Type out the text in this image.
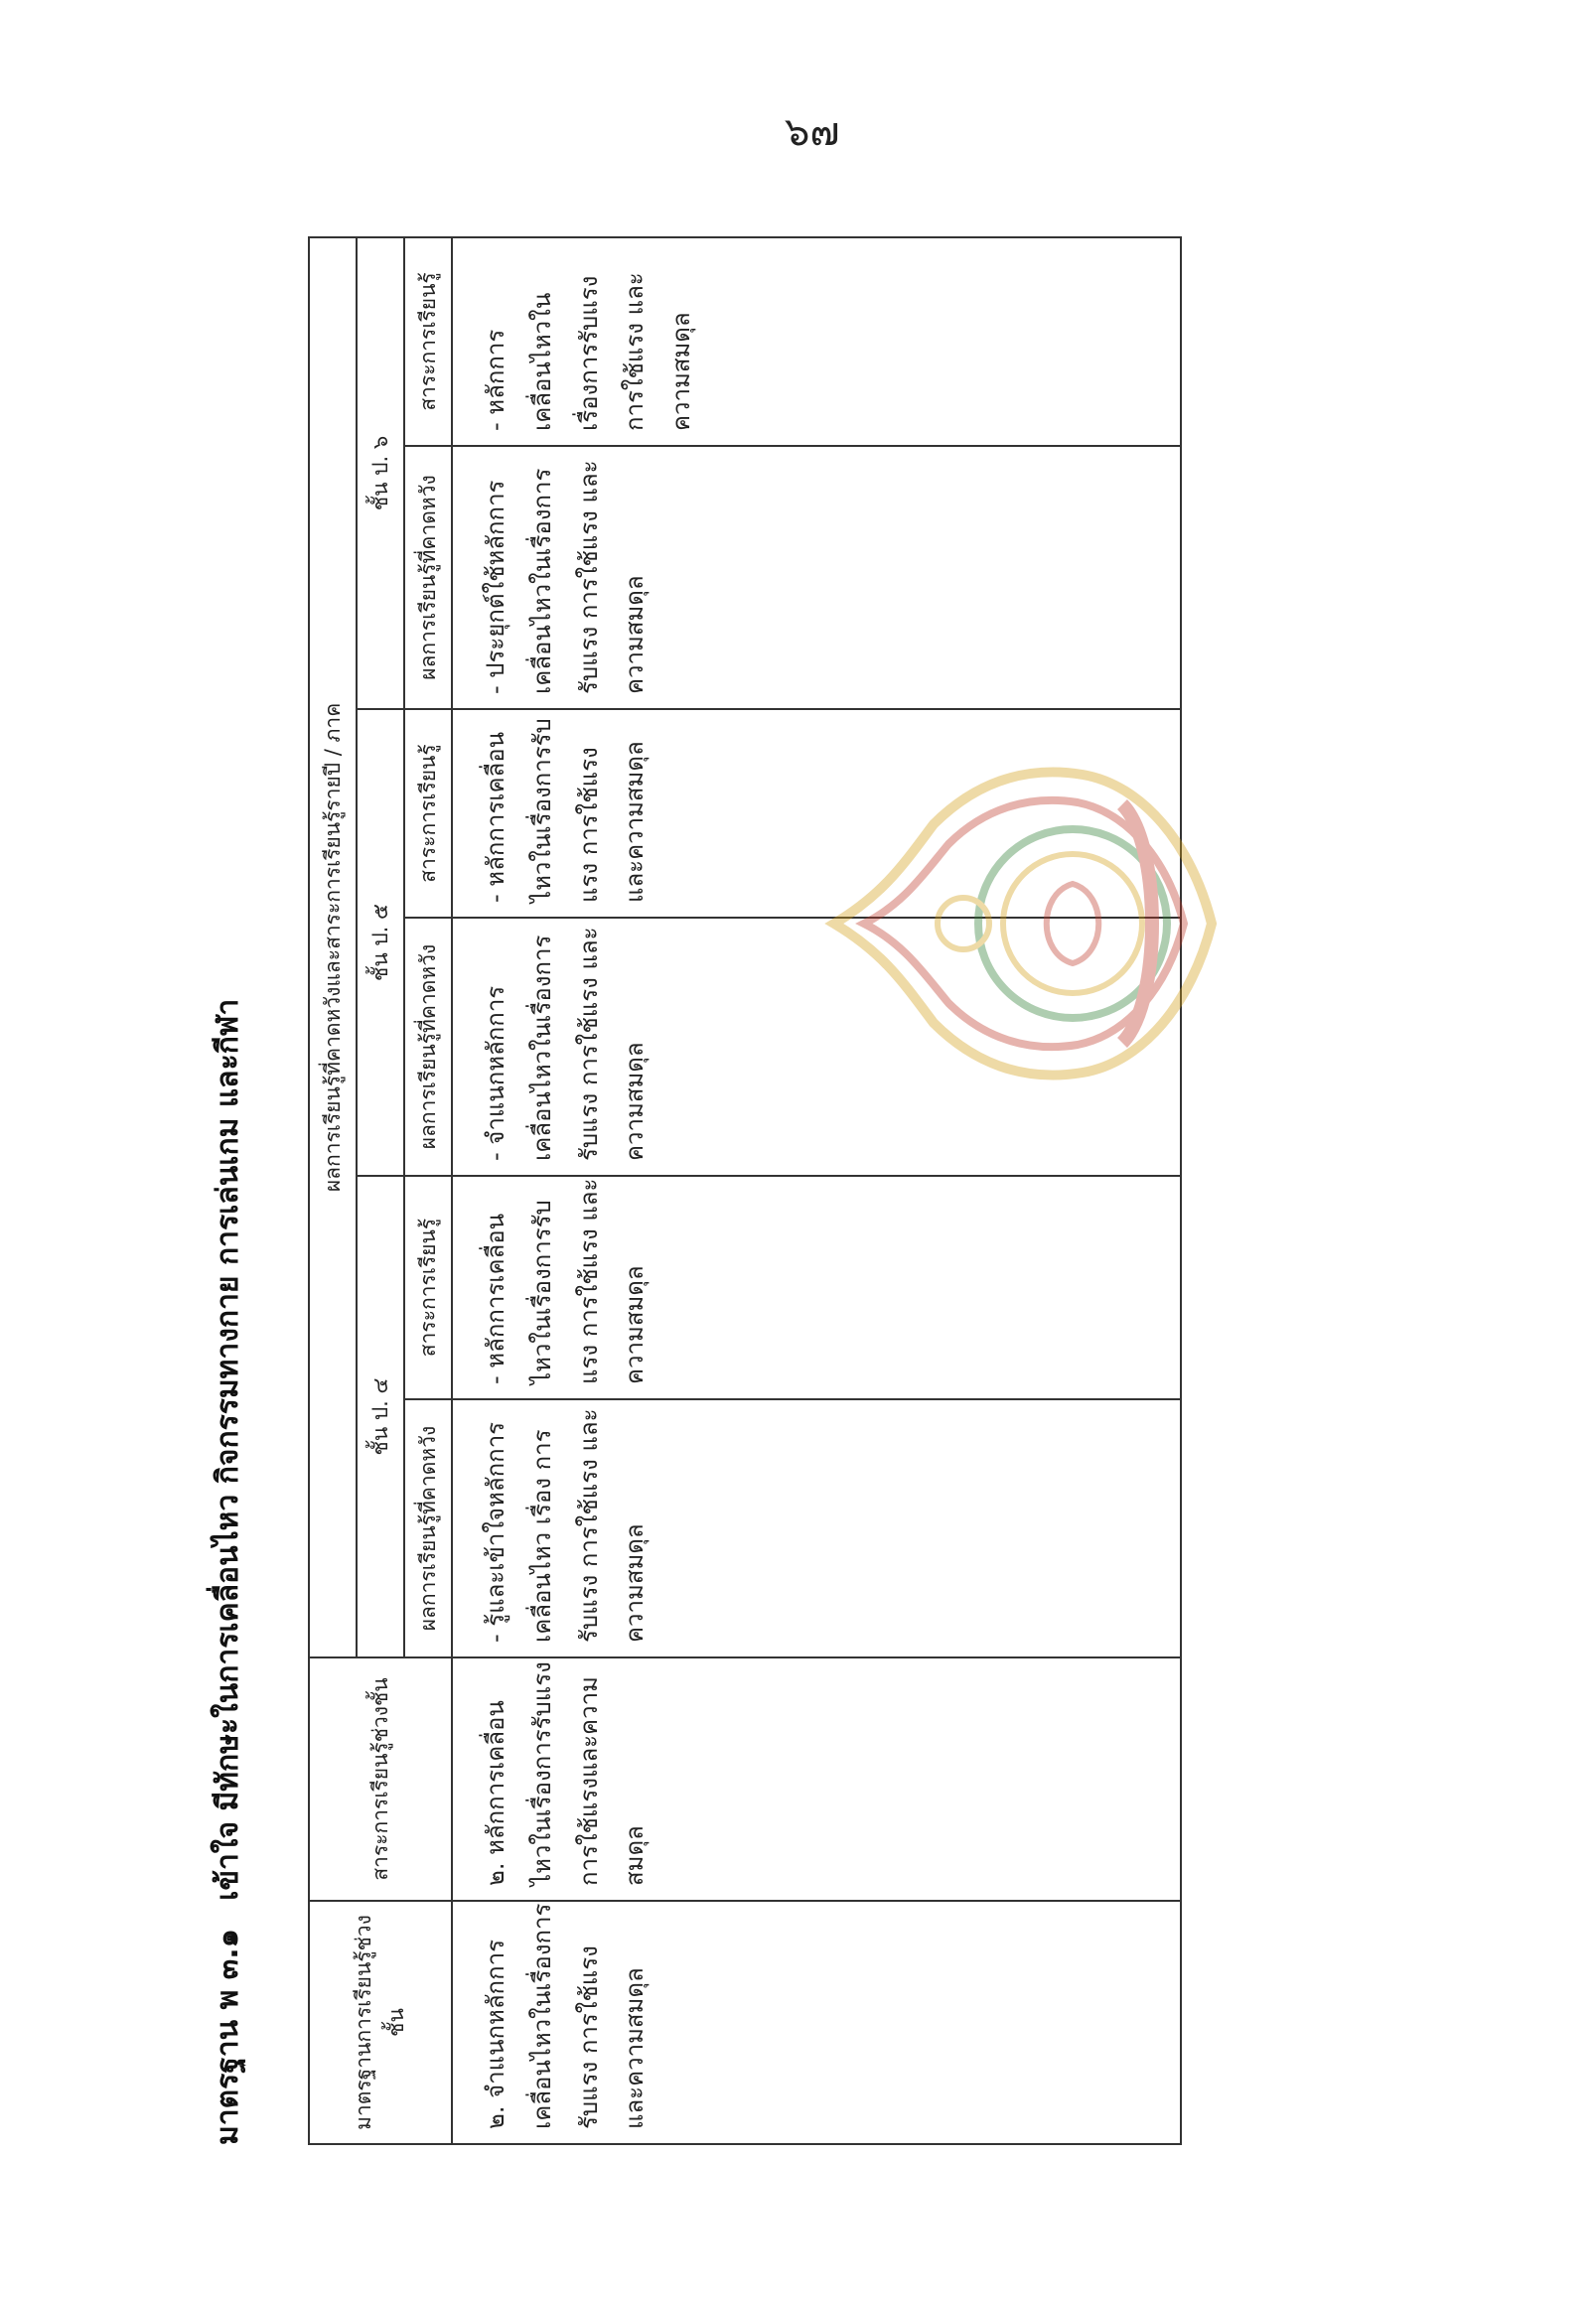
๖๗
มาตรฐาน พ ๓.๑ เข้าใจ มีทักษะในการเคลื่อนไหว กิจกรรมทางกาย การเล่นเกม และกีฬา
มาตรฐานการเรียนรู้ช่วงชั้น	สาระการเรียนรู้ช่วงชั้น	ผลการเรียนรู้ที่คาดหวังและสาระการเรียนรู้รายปี / ภาค					
		ชั้น ป. ๔		ชั้น ป. ๕		ชั้น ป. ๖	
		ผลการเรียนรู้ที่คาดหวัง	สาระการเรียนรู้	ผลการเรียนรู้ที่คาดหวัง	สาระการเรียนรู้	ผลการเรียนรู้ที่คาดหวัง	สาระการเรียนรู้

๒. จำแนกหลักการ เคลื่อนไหวในเรื่องการ รับแรง การใช้แรง และความสมดุล	๒. หลักการเคลื่อน ไหวในเรื่องการรับแรง การใช้แรงและความ สมดุล	- รู้และเข้าใจหลักการ เคลื่อนไหว เรื่อง การ รับแรง การใช้แรง และ ความสมดุล	- หลักการเคลื่อน ไหวในเรื่องการรับ แรง การใช้แรง และ ความสมดุล	- จำแนกหลักการ เคลื่อนไหวในเรื่องการ รับแรง การใช้แรง และ ความสมดุล	- หลักการเคลื่อน ไหวในเรื่องการรับ แรง การใช้แรง และความสมดุล	- ประยุกต์ใช้หลักการ เคลื่อนไหวในเรื่องการ รับแรง การใช้แรง และ ความสมดุล	- หลักการ เคลื่อนไหวใน เรื่องการรับแรง การใช้แรง และ ความสมดุล
